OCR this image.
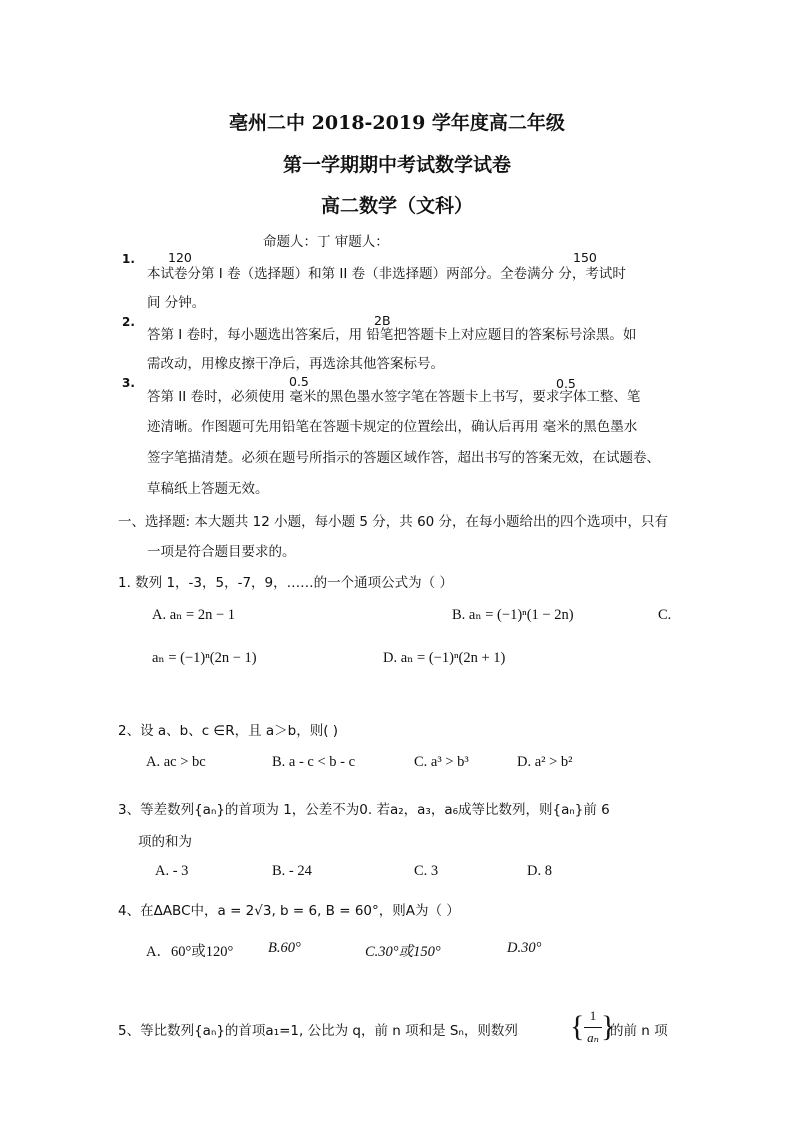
亳州二中 2018-2019 学年度高二年级
第一学期期中考试数学试卷
高二数学（文科）
命题人：丁 审题人：
1.	120
本试卷分第 I 卷（选择题）和第 II 卷（非选择题）两部分。全卷满分 分，考试时
150
间 分钟。
2.	2B
答第 I 卷时，每小题选出答案后，用 铅笔把答题卡上对应题目的答案标号涂黑。如
需改动，用橡皮擦干净后，再选涂其他答案标号。
3.	0.5	0.5
答第 II 卷时，必须使用 毫米的黑色墨水签字笔在答题卡上书写，要求字体工整、笔
迹清晰。作图题可先用铅笔在答题卡规定的位置绘出，确认后再用 毫米的黑色墨水
签字笔描清楚。必须在题号所指示的答题区域作答，超出书写的答案无效，在试题卷、
草稿纸上答题无效。
一、选择题: 本大题共 12 小题，每小题 5 分，共 60 分，在每小题给出的四个选项中，只有
一项是符合题目要求的。
1. 数列 1，-3，5，-7，9，……的一个通项公式为（ ）
A. aₙ = 2n − 1	B. aₙ = (−1)ⁿ(1 − 2n)	C.
aₙ = (−1)ⁿ(2n − 1)	D. aₙ = (−1)ⁿ(2n + 1)
2、设 a、b、c ∈R，且 a＞b，则( )
A. ac > bc	B. a - c < b - c	C. a³ > b³	D. a² > b²
3、等差数列{aₙ}的首项为 1，公差不为0. 若a₂，a₃，a₆成等比数列，则{aₙ}前 6
项的和为
A. - 3	B. - 24	C. 3	D. 8
4、在ΔABC中，a = 2√3, b = 6, B = 60°，则A为（ ）
A．60°或120° B.60°	C.30°或150°	D.30°
5、等比数列{aₙ}的首项a₁=1, 公比为 q，前 n 项和是 Sₙ，则数列 { 1
aₙ }
的前 n 项
